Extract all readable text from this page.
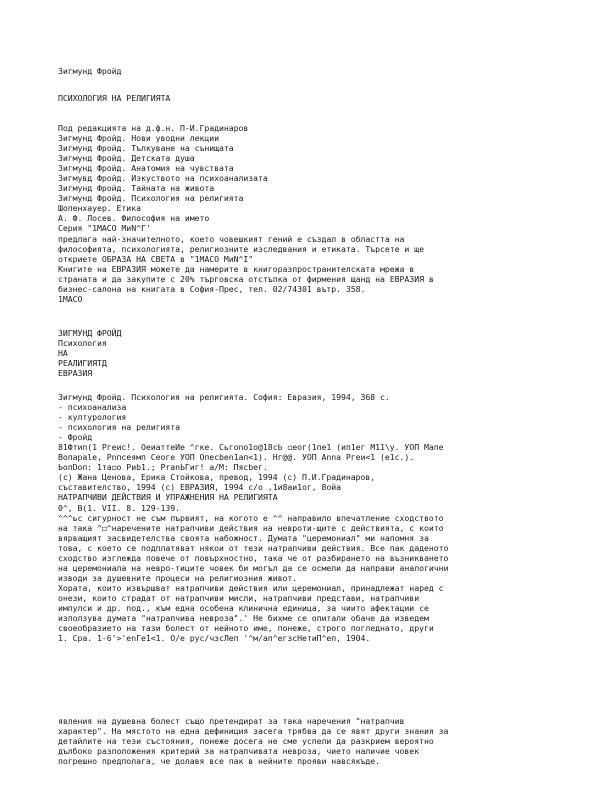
Зигмунд Фройд

ПСИХОЛОГИЯ НА РЕЛИГИЯТА

Под редакцията на д.ф.н. П-И.Градинаров

Зигмунд Фройд. Нови уводни лекции

Зигмунд Фройд. Тълкуване на сънищата

Зигмунд Фройд. Детската душа

Зигмунд Фройд. Анатомия на чувствата

Зигмувд Фройд. Изкуството на психоанализата

Зигмунд Фройд. Тайната на живота

Зигмунд Фройд. Психология на религията

Шопенхауер. Етика

А. Ф. Лосев. Философия на името

Серия "1МАСО МиN^Г'

предлага най-значителното, което човешкият гений е създал в областта на

философията, психологията, религиозните изследвания и етиката. Търсете и ще

откриете ОБРАЗА НА СВЕТА в "1МАСО МиN^I"

Книгите на ЕВРАЗИЯ можете да намерите в книгоразпространителската мрежа в

страната и да закупите с 20% търговска отстъпка от фирмения щанд на ЕВРАЗИЯ в

бизнес-салона на книгата в София-Прес, тел. 02/74301 вътр. 358.

1МАСО

ЗИГМУНД ФРОЙД

Психология

НА

РЕАЛИГИЯТД

ЕВРАЗИЯ

Зигмунд Фройд. Психология на религията. София: Евразия, 1994, 368 с.

- психоанализа

- културология

- психология на религията

- Фройд

81Фтип(1 Ргеис!. ОеиаттеИе ^гке. Сьгоno1о@18сЬ ◻еог(1пе1 (ип1ег М11\у. УОП Мапе

Вопараlе, Рnпсеямп Сеоге УОП Опесbеn1ап<1). Нг@@. УОП Аnnа Ргеи<1 (е1с.).

ЬопDоп: 1тa◻о Риb1.; РrаnЬГиг! а/М: Пясbег.

(с) Жана Ценова, Ерика Стойкова, превод, 1994 (с) П.И.Градинаров,

съставителство, 1994 (с) ЕВРАЗИЯ, 1994 с/о ,1и8аи1ог, 8ойа

НАТРАПЧИВИ ДЕЙСТВИЯ И УПРАЖНЕНИЯ НА РЕЛИГИЯТА

0^, В(1. VII. 8. 129-139.

^^^ьс сигурност не съм първият, на когото е ^^ направило впечатление сходството

на така ^◻^наречените натрапчиви действия на невроти-щите с действията, с които

вярващият засвидетелства своята набожност. Думата "церемониал" ми напомня за

това, с което се подплатяват някои от тези натрапчиви действия. Все пак даденото

сходство изглежда повече от повърхностно, така че от разбирането на възникването

на церемониала на невро-тиците човек би могъл да се осмели да направи аналогични

изводи за душевните процеси на религиозния живот.

Хората, които извършват натрапчиви действия или церемониал, принадлежат наред с

онези, които страдат от натрапчиви мисли, натрапчиви представи, натрапчиви

импулси и др. под., към една особена клинична единица, за чиито афектации се

използува думата "натрапчива невроза".' Не бихме се опитали обаче да изведем

своеобразието на тази болест от нейното име, понеже, строго погледнато, други

1. Сра. 1-6'>'еnГе1<1. О/е рус/чзсЛеп '^м/ап^егзсНетиП^еп, 1904.

явления на душевна болест също претендират за така наречения "натрапчив

характер". На мястото на една дефиниция засега трябва да се явят други знания за

детайлите на тези състояния, понеже досега не сме успели да разкрием вероятно

дълбоко разположения критерий за натрапчивата невроза, чието наличие човек

погрешно предполага, че долавя все пак в нейните прояви навсякъде.
